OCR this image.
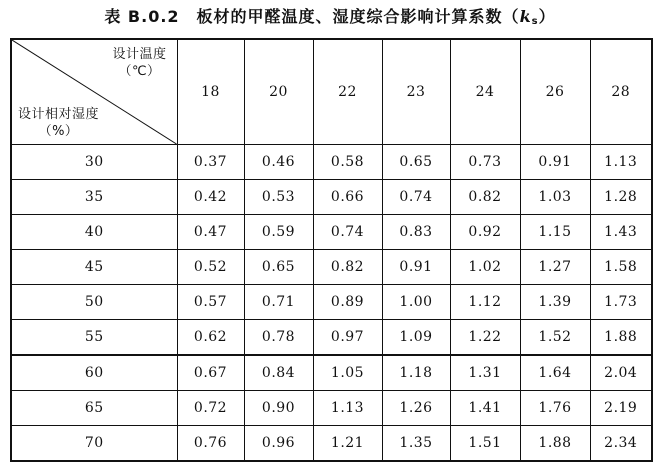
表 B.0.2　板材的甲醛温度、湿度综合影响计算系数$(k_s)$
设计温度
（℃）
设计相对湿度
（%）	18	20	22	23	24	26	28
30	0.37	0.46	0.58	0.65	0.73	0.91	1.13
35	0.42	0.53	0.66	0.74	0.82	1.03	1.28
40	0.47	0.59	0.74	0.83	0.92	1.15	1.43
45	0.52	0.65	0.82	0.91	1.02	1.27	1.58
50	0.57	0.71	0.89	1.00	1.12	1.39	1.73
55	0.62	0.78	0.97	1.09	1.22	1.52	1.88
60	0.67	0.84	1.05	1.18	1.31	1.64	2.04
65	0.72	0.90	1.13	1.26	1.41	1.76	2.19
70	0.76	0.96	1.21	1.35	1.51	1.88	2.34
